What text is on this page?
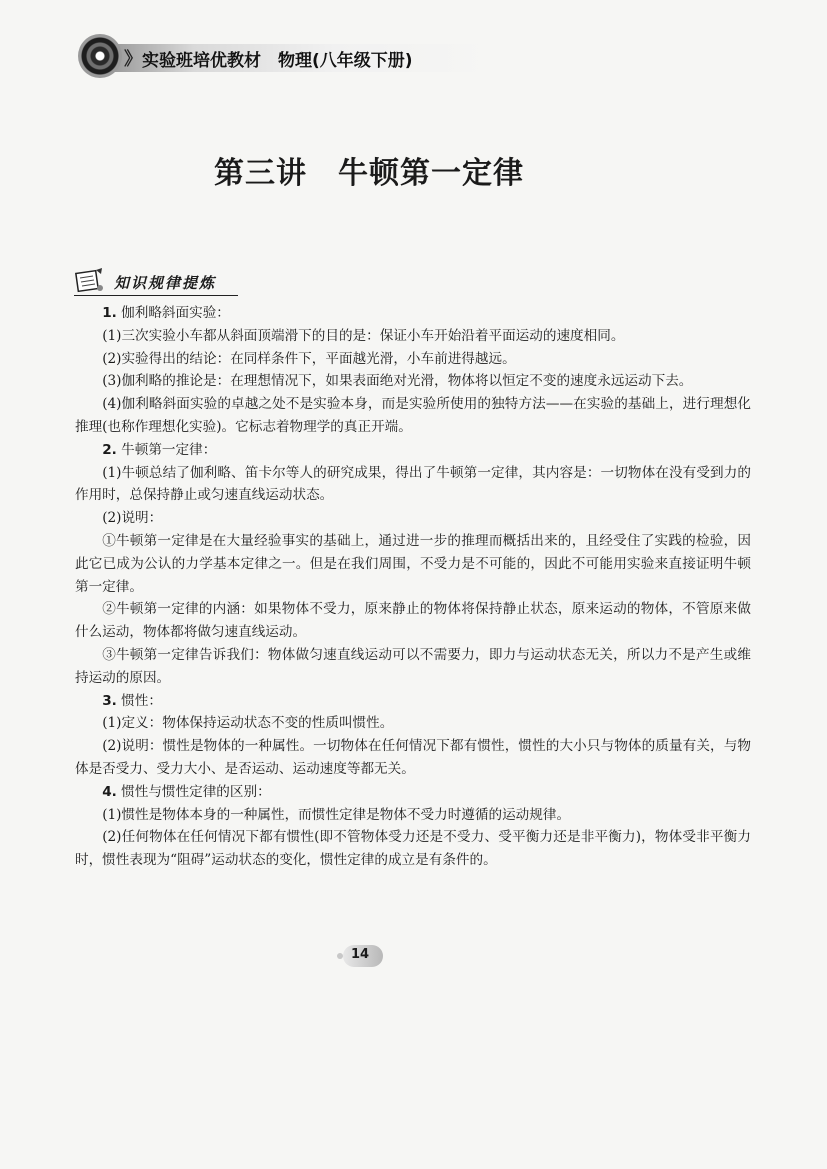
》 实验班培优教材　物理(八年级下册)
第三讲　牛顿第一定律
知识规律提炼

1. 伽利略斜面实验：

(1)三次实验小车都从斜面顶端滑下的目的是：保证小车开始沿着平面运动的速度相同。

(2)实验得出的结论：在同样条件下，平面越光滑，小车前进得越远。

(3)伽利略的推论是：在理想情况下，如果表面绝对光滑，物体将以恒定不变的速度永远运动下去。

(4)伽利略斜面实验的卓越之处不是实验本身，而是实验所使用的独特方法——在实验的基础上，进行理想化推理(也称作理想化实验)。它标志着物理学的真正开端。

2. 牛顿第一定律：

(1)牛顿总结了伽利略、笛卡尔等人的研究成果，得出了牛顿第一定律，其内容是：一切物体在没有受到力的作用时，总保持静止或匀速直线运动状态。

(2)说明：

①牛顿第一定律是在大量经验事实的基础上，通过进一步的推理而概括出来的，且经受住了实践的检验，因此它已成为公认的力学基本定律之一。但是在我们周围，不受力是不可能的，因此不可能用实验来直接证明牛顿第一定律。

②牛顿第一定律的内涵：如果物体不受力，原来静止的物体将保持静止状态，原来运动的物体，不管原来做什么运动，物体都将做匀速直线运动。

③牛顿第一定律告诉我们：物体做匀速直线运动可以不需要力，即力与运动状态无关，所以力不是产生或维持运动的原因。

3. 惯性：

(1)定义：物体保持运动状态不变的性质叫惯性。

(2)说明：惯性是物体的一种属性。一切物体在任何情况下都有惯性，惯性的大小只与物体的质量有关，与物体是否受力、受力大小、是否运动、运动速度等都无关。

4. 惯性与惯性定律的区别：

(1)惯性是物体本身的一种属性，而惯性定律是物体不受力时遵循的运动规律。

(2)任何物体在任何情况下都有惯性(即不管物体受力还是不受力、受平衡力还是非平衡力)，物体受非平衡力时，惯性表现为“阻碍”运动状态的变化，惯性定律的成立是有条件的。

14
